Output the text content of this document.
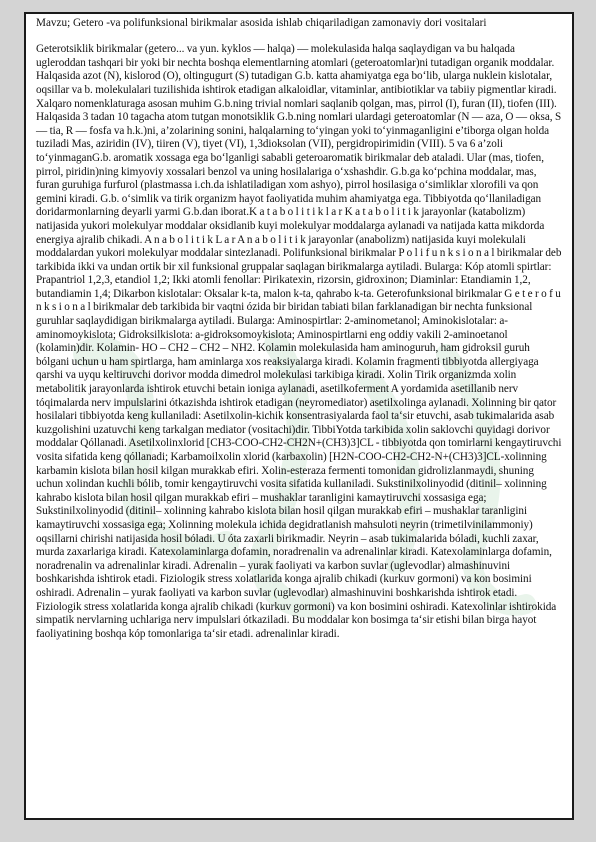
Mavzu; Getero -va polifunksional birikmalar asosida ishlab chiqariladigan zamonaviy dori vositalari

Geterotsiklik birikmalar (getero... va yun. kyklos — halqa) — molekulasida halqa saqlaydigan va bu halqada ugleroddan tashqari bir yoki bir nechta boshqa elementlarning atomlari (geteroatomlar)ni tutadigan organik moddalar. Halqasida azot (N), kislorod (O), oltingugurt (S) tutadigan G.b. katta ahamiyatga ega bo‘lib, ularga nuklein kislotalar, oqsillar va b. molekulalari tuzilishida ishtirok etadigan alkaloidlar, vitaminlar, antibiotiklar va tabiiy pigmentlar kiradi. Xalqaro nomenklaturaga asosan muhim G.b.ning trivial nomlari saqlanib qolgan, mas, pirrol (I), furan (II), tiofen (III). Halqasida 3 tadan 10 tagacha atom tutgan monotsiklik G.b.ning nomlari ulardagi geteroatomlar (N — aza, O — oksa, S — tia, R — fosfa va h.k.)ni, a’zolarining sonini, halqalarning to‘yingan yoki to‘yinmaganligini e’tiborga olgan holda tuziladi Mas, aziridin (IV), tiiren (V), tiyet (VI), 1,3dioksolan (VII), pergidropirimidin (VIII). 5 va 6 a’zoli to‘yinmaganG.b. aromatik xossaga ega bo‘lganligi sababli geteroaromatik birikmalar deb ataladi. Ular (mas, tiofen, pirrol, piridin)ning kimyoviy xossalari benzol va uning hosilalariga o‘xshashdir. G.b.ga ko‘pchina moddalar, mas, furan guruhiga furfurol (plastmassa i.ch.da ishlatiladigan xom ashyo), pirrol hosilasiga o‘simliklar xlorofili va qon gemini kiradi. G.b. o‘simlik va tirik organizm hayot faoliyatida muhim ahamiyatga ega. Tibbiyotda qo‘llaniladigan doridarmonlarning deyarli yarmi G.b.dan iborat.K a t a b o l i t i k l a r K a t a b o l i t i k jarayonlar (katabolizm) natijasida yukori molekulyar moddalar oksidlanib kuyi molekulyar moddalarga aylanadi va natijada katta mikdorda energiya ajralib chikadi. A n a b o l i t i k L a r A n a b o l i t i k jarayonlar (anabolizm) natijasida kuyi molekulali moddalardan yukori molekulyar moddalar sintezlanadi. Polifunksional birikmalar P o l i f u n k s i o n a l birikmalar deb tarkibida ikki va undan ortik bir xil funksional gruppalar saqlagan birikmalarga aytiladi. Bularga: Kóp atomli spirtlar: Prapantriol 1,2,3, etandiol 1,2; Ikki atomli fenollar: Pirikatexin, rizorsin, gidroxinon; Diaminlar: Etandiamin 1,2, butandiamin 1,4; Dikarbon kislotalar: Oksalar k-ta, malon k-ta, qahrabo k-ta. Geterofunksional birikmalar G e t e r o f u n k s i o n a l birikmalar deb tarkibida bir vaqtni ózida bir biridan tabiati bilan farklanadigan bir nechta funksional guruhlar saqlaydidigan birikmalarga aytiladi. Bularga: Aminospirtlar: 2-aminometanol; Aminokislotalar: a-aminomoykislota; Gidroksilkislota: a-gidroksomoykislota; Aminospirtlarni eng oddiy vakili 2-aminoetanol (kolamin)dir. Kolamin- HO – CH2 – CH2 – NH2. Kolamin molekulasida ham aminoguruh, ham gidroksil guruh bólgani uchun u ham spirtlarga, ham aminlarga xos reaksiyalarga kiradi. Kolamin fragmenti tibbiyotda allergiyaga qarshi va uyqu keltiruvchi dorivor modda dimedrol molekulasi tarkibiga kiradi. Xolin Tirik organizmda xolin metabolitik jarayonlarda ishtirok etuvchi betain ioniga aylanadi, asetilkoferment A yordamida asetillanib nerv tóqimalarda nerv impulslarini ótkazishda ishtirok etadigan (neyromediator) asetilxolinga aylanadi. Xolinning bir qator hosilalari tibbiyotda keng kullaniladi: Asetilxolin-kichik konsentrasiyalarda faol ta‘sir etuvchi, asab tukimalarida asab kuzgolishini uzatuvchi keng tarkalgan mediator (vositachi)dir. TibbiYotda tarkibida xolin saklovchi quyidagi dorivor moddalar Qóllanadi. Asetilxolinxlorid [CH3-COO-CH2-CH2N+(CH3)3]CL - tibbiyotda qon tomirlarni kengaytiruvchi vosita sifatida keng qóllanadi; Karbamoilxolin xlorid (karbaxolin) [H2N-COO-CH2-CH2-N+(CH3)3]CL-xolinning karbamin kislota bilan hosil kilgan murakkab efiri. Xolin-esteraza fermenti tomonidan gidrolizlanmaydi, shuning uchun xolindan kuchli bólib, tomir kengaytiruvchi vosita sifatida kullaniladi. Sukstinilxolinyodid (ditinil– xolinning kahrabo kislota bilan hosil qilgan murakkab efiri – mushaklar taranligini kamaytiruvchi xossasiga ega; Sukstinilxolinyodid (ditinil– xolinning kahrabo kislota bilan hosil qilgan murakkab efiri – mushaklar taranligini kamaytiruvchi xossasiga ega; Xolinning molekula ichida degidratlanish mahsuloti neyrin (trimetilvinilammoniy) oqsillarni chirishi natijasida hosil bóladi. U óta zaxarli birikmadir. Neyrin – asab tukimalarida bóladi, kuchli zaxar, murda zaxarlariga kiradi. Katexolaminlarga dofamin, noradrenalin va adrenalinlar kiradi. Katexolaminlarga dofamin, noradrenalin va adrenalinlar kiradi. Adrenalin – yurak faoliyati va karbon suvlar (uglevodlar) almashinuvini boshkarishda ishtirok etadi. Fiziologik stress xolatlarida konga ajralib chikadi (kurkuv gormoni) va kon bosimini oshiradi. Adrenalin – yurak faoliyati va karbon suvlar (uglevodlar) almashinuvini boshkarishda ishtirok etadi. Fiziologik stress xolatlarida konga ajralib chikadi (kurkuv gormoni) va kon bosimini oshiradi. Katexolinlar ishtirokida simpatik nervlarning uchlariga nerv impulslari ótkaziladi. Bu moddalar kon bosimga ta‘sir etishi bilan birga hayot faoliyatining boshqa kóp tomonlariga ta‘sir etadi. adrenalinlar kiradi.
